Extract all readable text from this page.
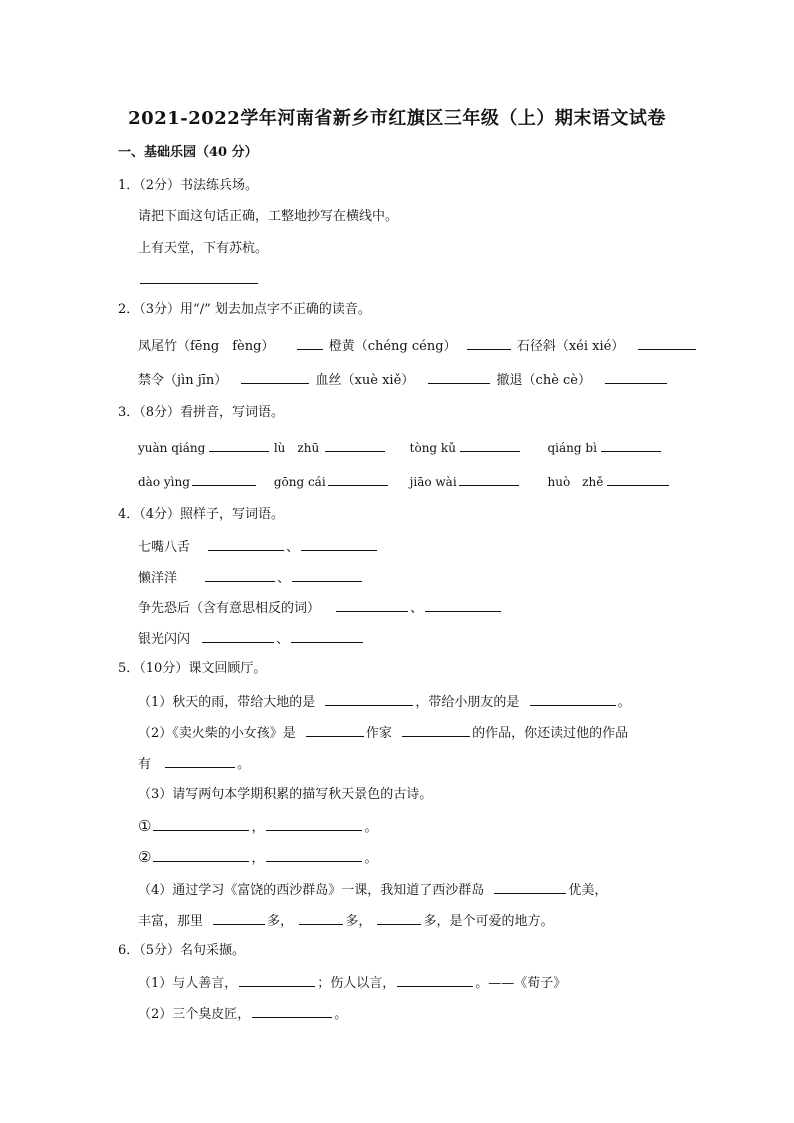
2021-2022学年河南省新乡市红旗区三年级（上）期末语文试卷
一、基础乐园（40 分）
1．（2分）书法练兵场。
请把下面这句话正确，工整地抄写在横线中。
上有天堂，下有苏杭。
2．（3分）用“/” 划去加点字不正确的读音。
凤尾竹（fēng　fèng）	橙黄（chéng céng）	石径斜（xéi xié）
禁令（jìn jīn）	血丝（xuè xiě）	撤退（chè cè）
3．（8分）看拼音，写词语。
yuàn qiáng	lù　zhū	tòng kǔ	qiáng bì
dào yìng	gōng cái	jiāo wài	huò　zhě
4．（4分）照样子，写词语。
七嘴八舌	、
懒洋洋	、
争先恐后（含有意思相反的词）	、
银光闪闪	、
5．（10分）课文回顾厅。
（1）秋天的雨，带给大地的是	，带给小朋友的是	。
（2）《卖火柴的小女孩》是	作家	的作品，你还读过他的作品
有	。
（3）请写两句本学期积累的描写秋天景色的古诗。
①	，	。
②	，	。
（4）通过学习《富饶的西沙群岛》一课，我知道了西沙群岛	优美，
丰富，那里	多，	多，	多，是个可爱的地方。
6．（5分）名句采撷。
（1）与人善言，	；伤人以言，	。——《荀子》
（2）三个臭皮匠，	。
